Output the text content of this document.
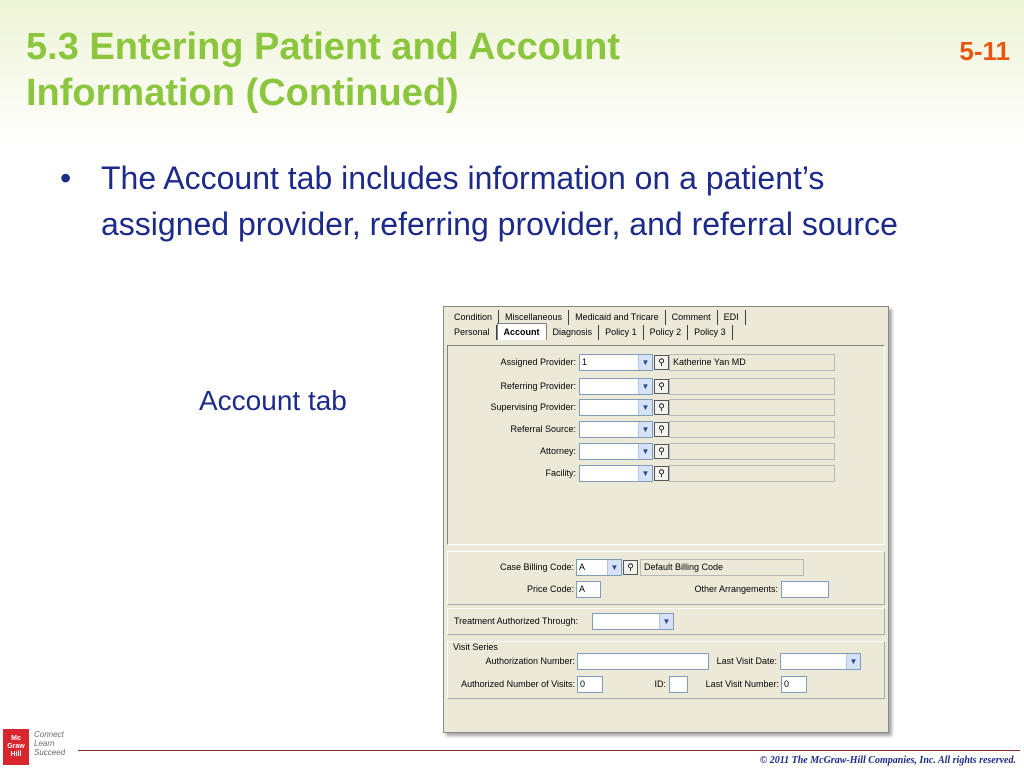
5.3 Entering Patient and Account Information (Continued)
5-11
• The Account tab includes information on a patient’s assigned provider, referring provider, and referral source
Account tab
Condition	Miscellaneous	Medicaid and Tricare	Comment	EDI
Personal	Account	Diagnosis	Policy 1	Policy 2	Policy 3
Assigned Provider: 1	▼ ⚲ Katherine Yan MD
Referring Provider:	▼ ⚲
Supervising Provider:	▼ ⚲
Referral Source:	▼ ⚲
Attorney:	▼ ⚲
Facility:	▼ ⚲
Case Billing Code: A	▼ ⚲	Default Billing Code
Price Code: A	Other Arrangements:
Treatment Authorized Through:	▼
Visit Series
Authorization Number:	Last Visit Date:	▼
Authorized Number of Visits: 0	ID:	Last Visit Number: 0
Mc Graw Hill
Connect Learn Succeed
© 2011 The McGraw-Hill Companies, Inc. All rights reserved.
